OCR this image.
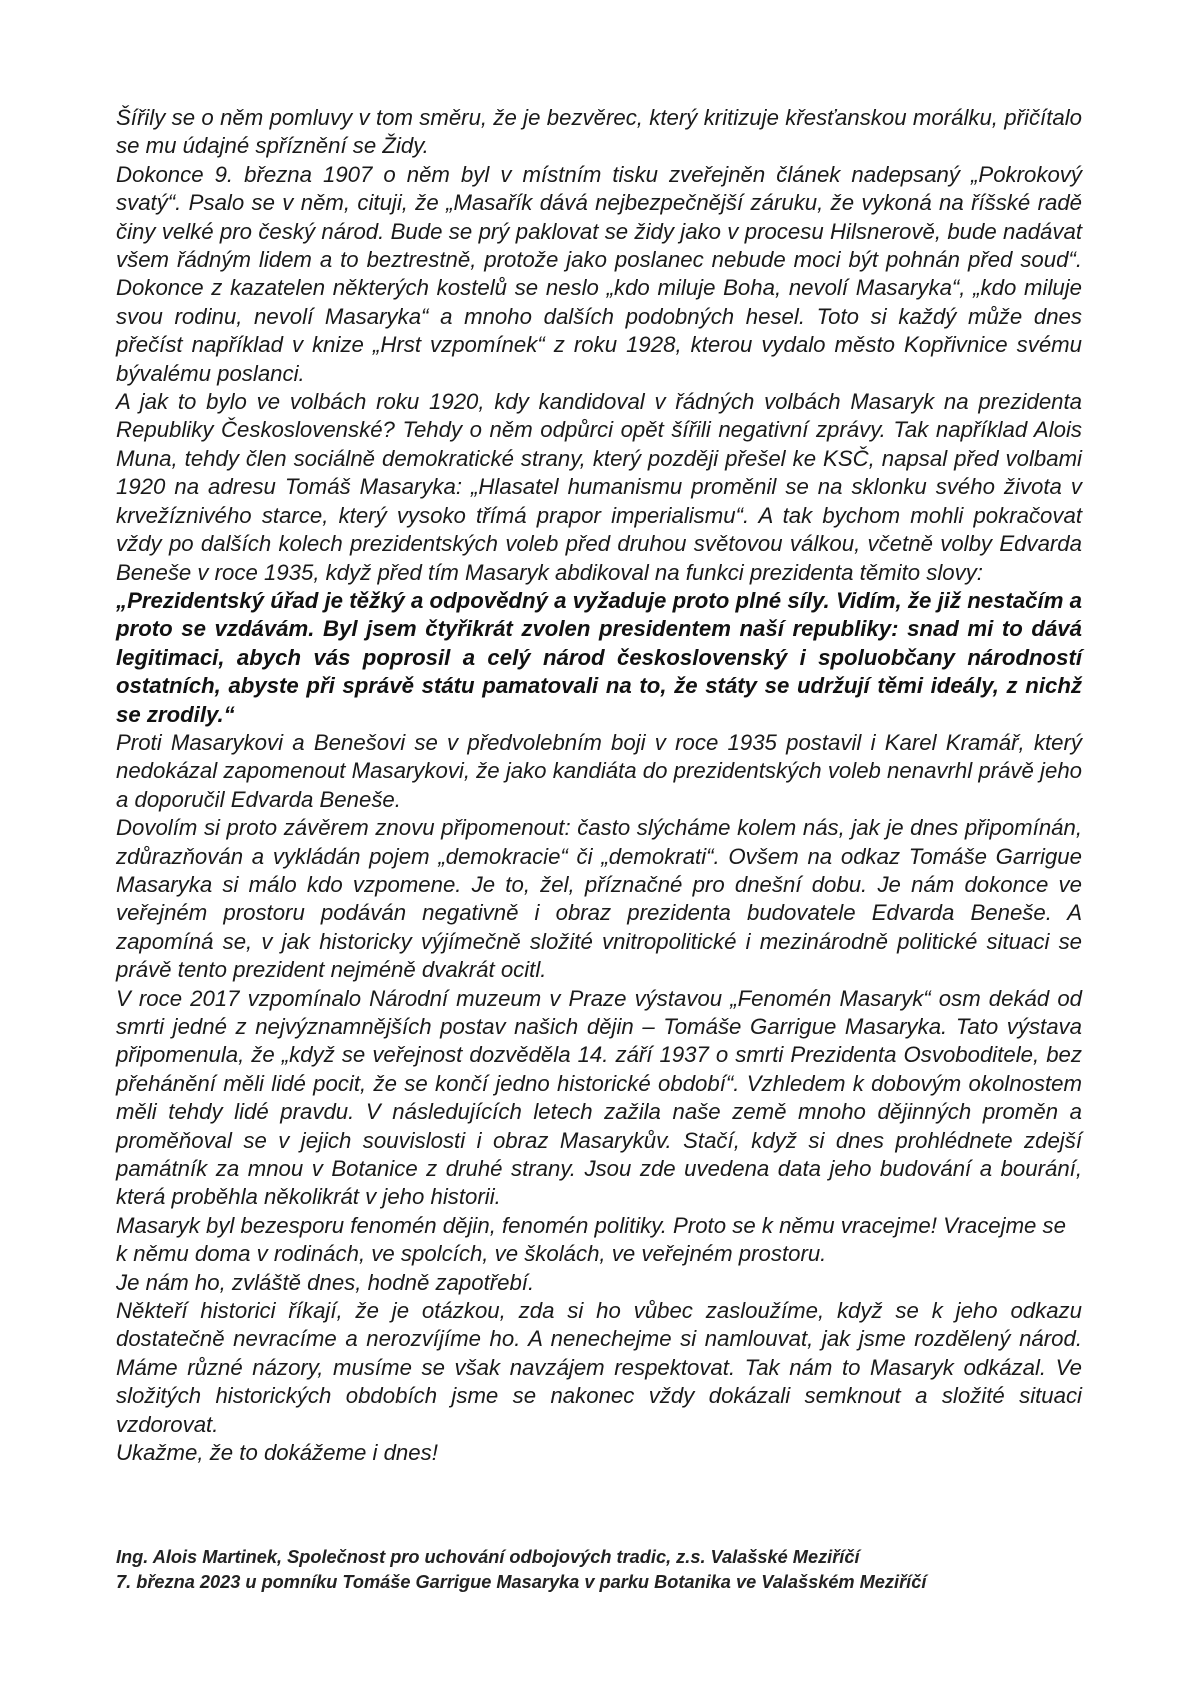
Šířily se o něm pomluvy v tom směru, že je bezvěrec, který kritizuje křesťanskou morálku, přičítalo se mu údajné spříznění se Židy.

Dokonce 9. března 1907 o něm byl v místním tisku zveřejněn článek nadepsaný „Pokrokový svatý“. Psalo se v něm, cituji, že „Masařík dává nejbezpečnější záruku, že vykoná na říšské radě činy velké pro český národ. Bude se prý paklovat se židy jako v procesu Hilsnerově, bude nadávat všem řádným lidem a to beztrestně, protože jako poslanec nebude moci být pohnán před soud“. Dokonce z kazatelen některých kostelů se neslo „kdo miluje Boha, nevolí Masaryka“, „kdo miluje svou rodinu, nevolí Masaryka“ a mnoho dalších podobných hesel. Toto si každý může dnes přečíst například v knize „Hrst vzpomínek“ z roku 1928, kterou vydalo město Kopřivnice svému bývalému poslanci.

A jak to bylo ve volbách roku 1920, kdy kandidoval v řádných volbách Masaryk na prezidenta Republiky Československé? Tehdy o něm odpůrci opět šířili negativní zprávy. Tak například Alois Muna, tehdy člen sociálně demokratické strany, který později přešel ke KSČ, napsal před volbami 1920 na adresu Tomáš Masaryka: „Hlasatel humanismu proměnil se na sklonku svého života v krvežíznivého starce, který vysoko třímá prapor imperialismu“. A tak bychom mohli pokračovat vždy po dalších kolech prezidentských voleb před druhou světovou válkou, včetně volby Edvarda Beneše v roce 1935, když před tím Masaryk abdikoval na funkci prezidenta těmito slovy:

„Prezidentský úřad je těžký a odpovědný a vyžaduje proto plné síly. Vidím, že již nestačím a proto se vzdávám. Byl jsem čtyřikrát zvolen presidentem naší republiky: snad mi to dává legitimaci, abych vás poprosil a celý národ československý i spoluobčany národností ostatních, abyste při správě státu pamatovali na to, že státy se udržují těmi ideály, z nichž se zrodily.“

Proti Masarykovi a Benešovi se v předvolebním boji v roce 1935 postavil i Karel Kramář, který nedokázal zapomenout Masarykovi, že jako kandiáta do prezidentských voleb nenavrhl právě jeho a doporučil Edvarda Beneše.

Dovolím si proto závěrem znovu připomenout: často slýcháme kolem nás, jak je dnes připomínán, zdůrazňován a vykládán pojem „demokracie“ či „demokrati“. Ovšem na odkaz Tomáše Garrigue Masaryka si málo kdo vzpomene. Je to, žel, příznačné pro dnešní dobu. Je nám dokonce ve veřejném prostoru podáván negativně i obraz prezidenta budovatele Edvarda Beneše. A zapomíná se, v jak historicky výjímečně složité vnitropolitické i mezinárodně politické situaci se právě tento prezident nejméně dvakrát ocitl.

V roce 2017 vzpomínalo Národní muzeum v Praze výstavou „Fenomén Masaryk“ osm dekád od smrti jedné z nejvýznamnějších postav našich dějin – Tomáše Garrigue Masaryka. Tato výstava připomenula, že „když se veřejnost dozvěděla 14. září 1937 o smrti Prezidenta Osvoboditele, bez přehánění měli lidé pocit, že se končí jedno historické období“. Vzhledem k dobovým okolnostem měli tehdy lidé pravdu. V následujících letech zažila naše země mnoho dějinných proměn a proměňoval se v jejich souvislosti i obraz Masarykův. Stačí, když si dnes prohlédnete zdejší památník za mnou v Botanice z druhé strany. Jsou zde uvedena data jeho budování a bourání, která proběhla několikrát v jeho historii.

Masaryk byl bezesporu fenomén dějin, fenomén politiky. Proto se k němu vracejme! Vracejme se k němu doma v rodinách, ve spolcích, ve školách, ve veřejném prostoru.

Je nám ho, zvláště dnes, hodně zapotřebí.

Někteří historici říkají, že je otázkou, zda si ho vůbec zasloužíme, když se k jeho odkazu dostatečně nevracíme a nerozvíjíme ho. A nenechejme si namlouvat, jak jsme rozdělený národ. Máme různé názory, musíme se však navzájem respektovat. Tak nám to Masaryk odkázal. Ve složitých historických obdobích jsme se nakonec vždy dokázali semknout a složité situaci vzdorovat.

Ukažme, že to dokážeme i dnes!

Ing. Alois Martinek, Společnost pro uchování odbojových tradic, z.s. Valašské Meziříčí
7. března 2023 u pomníku Tomáše Garrigue Masaryka v parku Botanika ve Valašském Meziříčí
